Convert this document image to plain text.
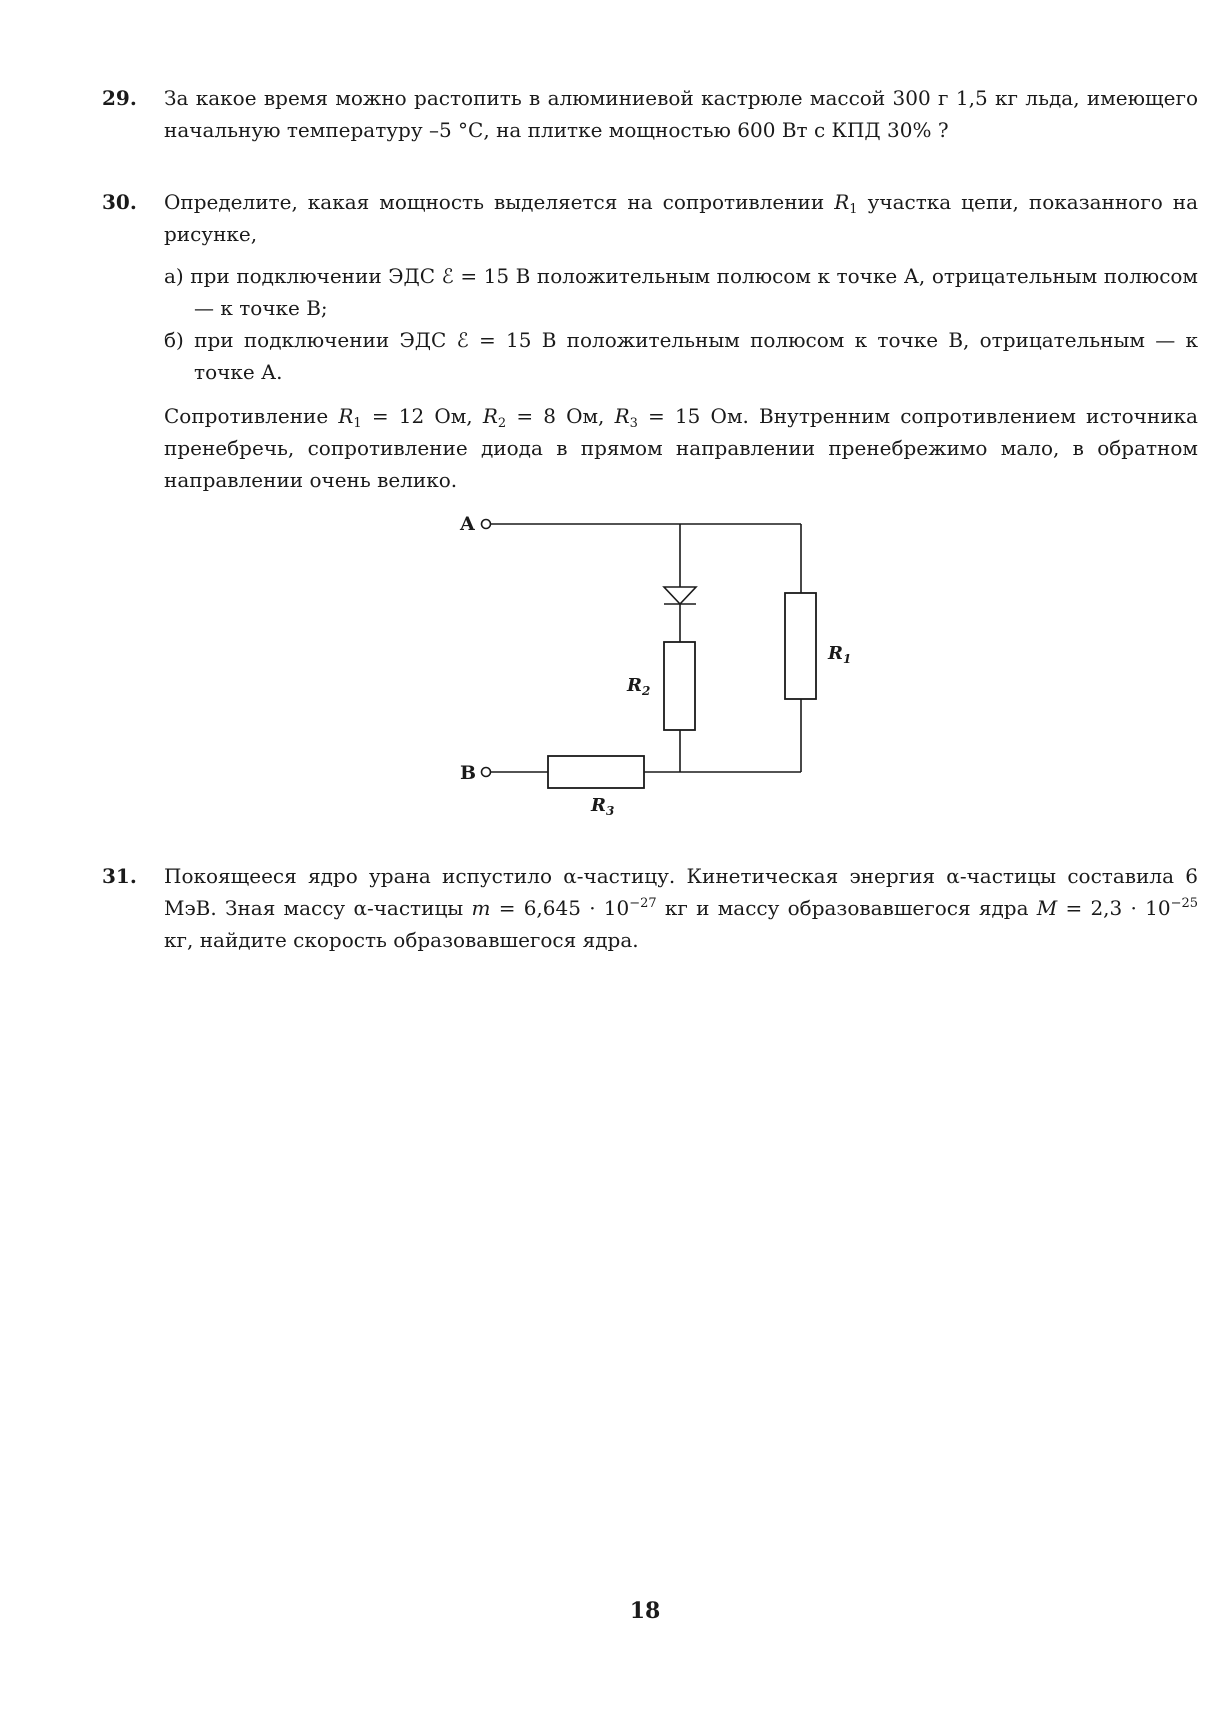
29. За какое время можно растопить в алюминиевой кастрюле массой 300 г 1,5 кг льда, имеющего начальную температуру –5 °С, на плитке мощностью 600 Вт с КПД 30% ?

30. Определите, какая мощность выделяется на сопротивлении $R_1$ участка цепи, показанного на рисунке,

а) при подключении ЭДС ℰ = 15 В положительным полюсом к точке А, отрицательным полюсом — к точке В;

б) при подключении ЭДС ℰ = 15 В положительным полюсом к точке В, отрицательным — к точке А.

Сопротивление $R_1 = 12$ Ом, $R_2 = 8$ Ом, $R_3 = 15$ Ом. Внутренним сопротивлением источника пренебречь, сопротивление диода в прямом направлении пренебрежимо мало, в обратном направлении очень велико.

A
$R_2$
$R_1$
B
$R_3$
31. Покоящееся ядро урана испустило α-частицу. Кинетическая энергия α-частицы составила 6 МэВ. Зная массу α-частицы $m = 6,645 \cdot 10^{-27}$ кг и массу образовавшегося ядра $M = 2,3 \cdot 10^{-25}$ кг, найдите скорость образовавшегося ядра.

18
